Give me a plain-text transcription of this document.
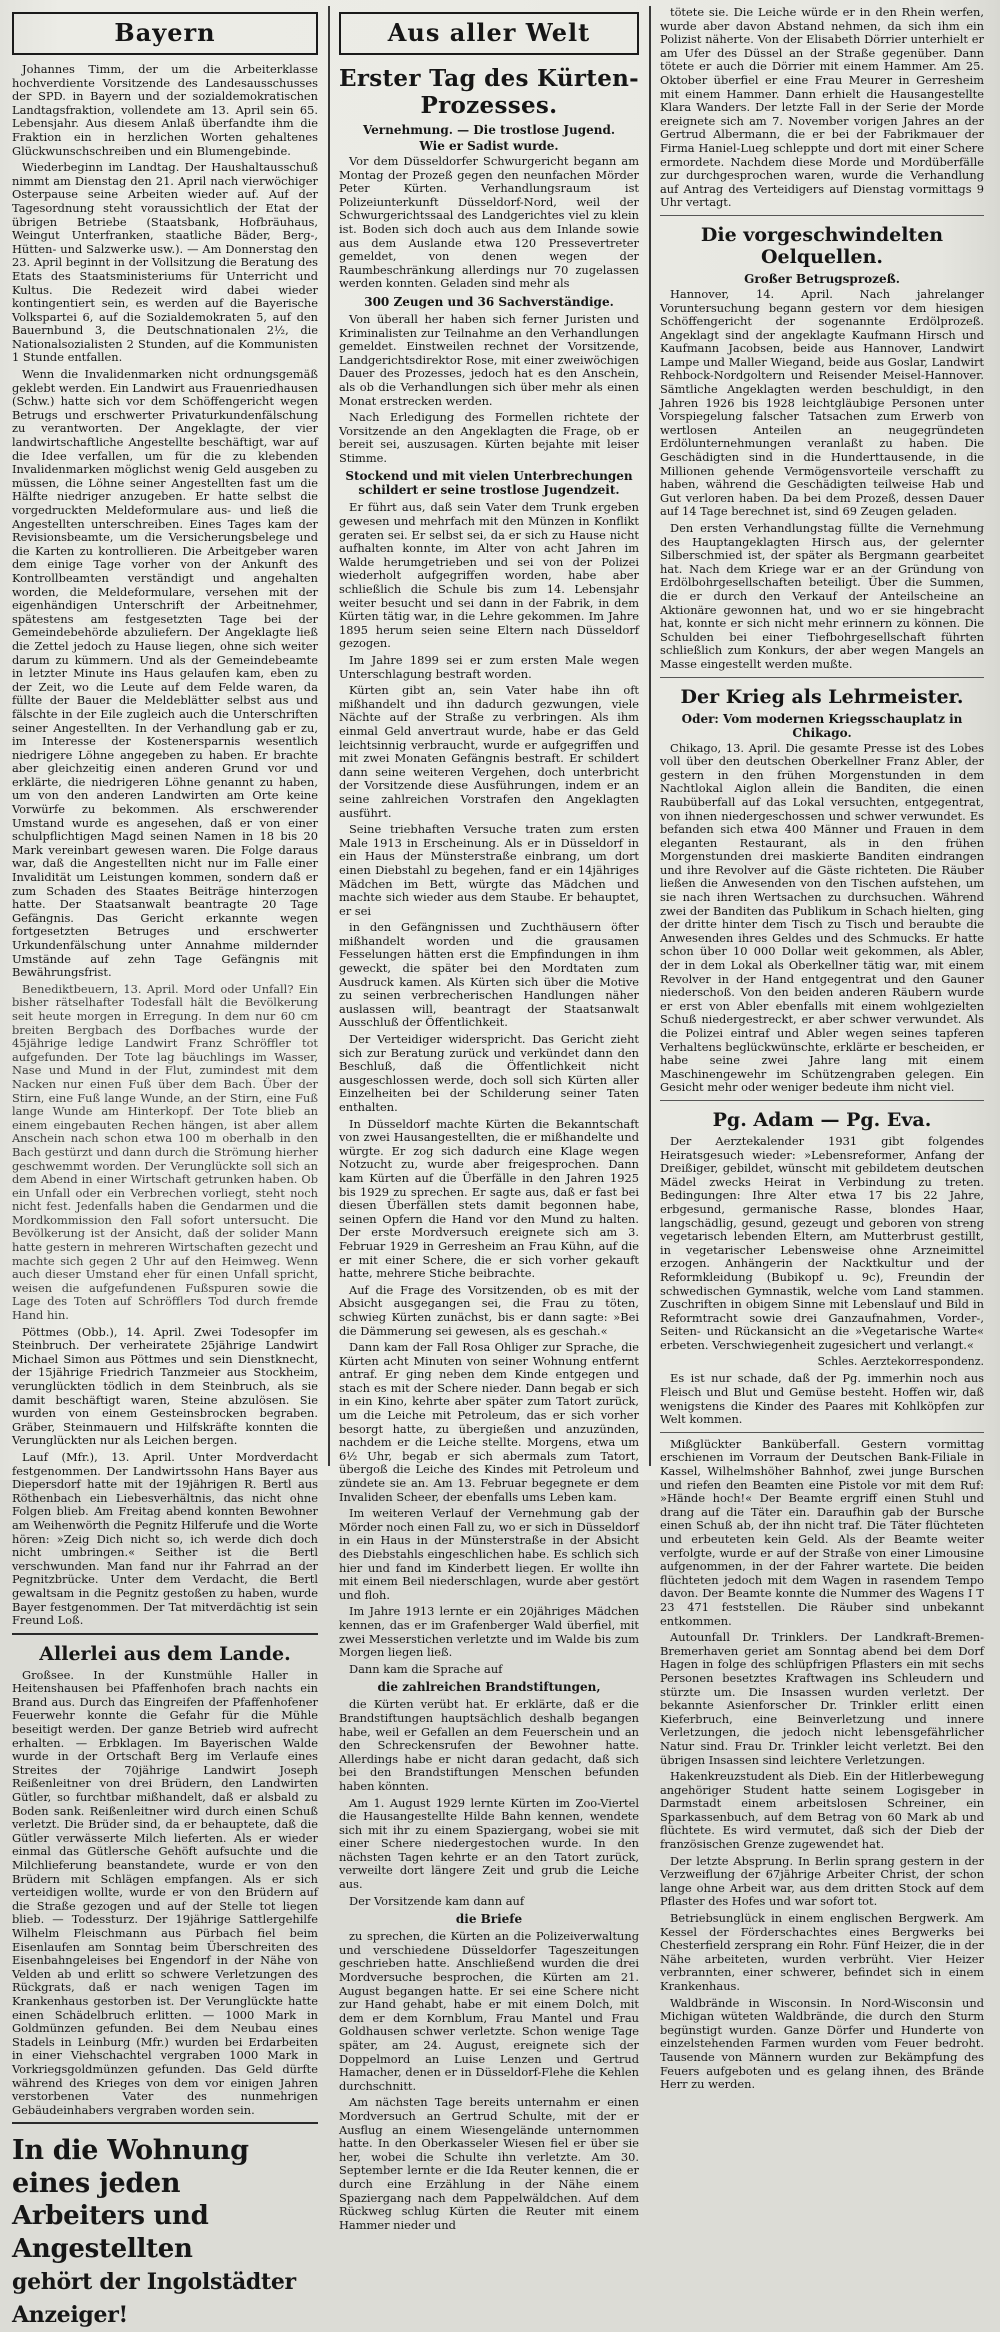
Bayern

Johannes Timm, der um die Arbeiterklasse hochverdiente Vorsitzende des Landesausschusses der SPD. in Bayern und der sozialdemokratischen Landtagsfraktion, vollendete am 13. April sein 65. Lebensjahr. Aus diesem Anlaß überfandte ihm die Fraktion ein in herzlichen Worten gehaltenes Glückwunschschreiben und ein Blumengebinde.

Wiederbeginn im Landtag. Der Haushaltausschuß nimmt am Dienstag den 21. April nach vierwöchiger Osterpause seine Arbeiten wieder auf. Auf der Tagesordnung steht voraussichtlich der Etat der übrigen Betriebe (Staatsbank, Hofbräuhaus, Weingut Unterfranken, staatliche Bäder, Berg-, Hütten- und Salzwerke usw.). — Am Donnerstag den 23. April beginnt in der Vollsitzung die Beratung des Etats des Staatsministeriums für Unterricht und Kultus. Die Redezeit wird dabei wieder kontingentiert sein, es werden auf die Bayerische Volkspartei 6, auf die Sozialdemokraten 5, auf den Bauernbund 3, die Deutschnationalen 2½, die Nationalsozialisten 2 Stunden, auf die Kommunisten 1 Stunde entfallen.

Wenn die Invalidenmarken nicht ordnungsgemäß geklebt werden. Ein Landwirt aus Frauenriedhausen (Schw.) hatte sich vor dem Schöffengericht wegen Betrugs und erschwerter Privaturkundenfälschung zu verantworten. Der Angeklagte, der vier landwirtschaftliche Angestellte beschäftigt, war auf die Idee verfallen, um für die zu klebenden Invalidenmarken möglichst wenig Geld ausgeben zu müssen, die Löhne seiner Angestellten fast um die Hälfte niedriger anzugeben. Er hatte selbst die vorgedruckten Meldeformulare aus- und ließ die Angestellten unterschreiben. Eines Tages kam der Revisionsbeamte, um die Versicherungsbelege und die Karten zu kontrollieren. Die Arbeitgeber waren dem einige Tage vorher von der Ankunft des Kontrollbeamten verständigt und angehalten worden, die Meldeformulare, versehen mit der eigenhändigen Unterschrift der Arbeitnehmer, spätestens am festgesetzten Tage bei der Gemeindebehörde abzuliefern. Der Angeklagte ließ die Zettel jedoch zu Hause liegen, ohne sich weiter darum zu kümmern. Und als der Gemeindebeamte in letzter Minute ins Haus gelaufen kam, eben zu der Zeit, wo die Leute auf dem Felde waren, da füllte der Bauer die Meldeblätter selbst aus und fälschte in der Eile zugleich auch die Unterschriften seiner Angestellten. In der Verhandlung gab er zu, im Interesse der Kostenersparnis wesentlich niedrigere Löhne angegeben zu haben. Er brachte aber gleichzeitig einen anderen Grund vor und erklärte, die niedrigeren Löhne genannt zu haben, um von den anderen Landwirten am Orte keine Vorwürfe zu bekommen. Als erschwerender Umstand wurde es angesehen, daß er von einer schulpflichtigen Magd seinen Namen in 18 bis 20 Mark vereinbart gewesen waren. Die Folge daraus war, daß die Angestellten nicht nur im Falle einer Invalidität um Leistungen kommen, sondern daß er zum Schaden des Staates Beiträge hinterzogen hatte. Der Staatsanwalt beantragte 20 Tage Gefängnis. Das Gericht erkannte wegen fortgesetzten Betruges und erschwerter Urkundenfälschung unter Annahme mildernder Umstände auf zehn Tage Gefängnis mit Bewährungsfrist.

Benediktbeuern, 13. April. Mord oder Unfall? Ein bisher rätselhafter Todesfall hält die Bevölkerung seit heute morgen in Erregung. In dem nur 60 cm breiten Bergbach des Dorfbaches wurde der 45jährige ledige Landwirt Franz Schröffler tot aufgefunden. Der Tote lag bäuchlings im Wasser, Nase und Mund in der Flut, zumindest mit dem Nacken nur einen Fuß über dem Bach. Über der Stirn, eine Fuß lange Wunde, an der Stirn, eine Fuß lange Wunde am Hinterkopf. Der Tote blieb an einem eingebauten Rechen hängen, ist aber allem Anschein nach schon etwa 100 m oberhalb in den Bach gestürzt und dann durch die Strömung hierher geschwemmt worden. Der Verunglückte soll sich an dem Abend in einer Wirtschaft getrunken haben. Ob ein Unfall oder ein Verbrechen vorliegt, steht noch nicht fest. Jedenfalls haben die Gendarmen und die Mordkommission den Fall sofort untersucht. Die Bevölkerung ist der Ansicht, daß der solider Mann hatte gestern in mehreren Wirtschaften gezecht und machte sich gegen 2 Uhr auf den Heimweg. Wenn auch dieser Umstand eher für einen Unfall spricht, weisen die aufgefundenen Fußspuren sowie die Lage des Toten auf Schröfflers Tod durch fremde Hand hin.

Pöttmes (Obb.), 14. April. Zwei Todesopfer im Steinbruch. Der verheiratete 25jährige Landwirt Michael Simon aus Pöttmes und sein Dienstknecht, der 15jährige Friedrich Tanzmeier aus Stockheim, verunglückten tödlich in dem Steinbruch, als sie damit beschäftigt waren, Steine abzulösen. Sie wurden von einem Gesteinsbrocken begraben. Gräber, Steinmauern und Hilfskräfte konnten die Verunglückten nur als Leichen bergen.

Lauf (Mfr.), 13. April. Unter Mordverdacht festgenommen. Der Landwirtssohn Hans Bayer aus Diepersdorf hatte mit der 19jährigen R. Bertl aus Röthenbach ein Liebesverhältnis, das nicht ohne Folgen blieb. Am Freitag abend konnten Bewohner am Weihenwörth die Pegnitz Hilferufe und die Worte hören: »Zeig Dich nicht so, ich werde dich doch nicht umbringen.« Seither ist die Bertl verschwunden. Man fand nur ihr Fahrrad an der Pegnitzbrücke. Unter dem Verdacht, die Bertl gewaltsam in die Pegnitz gestoßen zu haben, wurde Bayer festgenommen. Der Tat mitverdächtig ist sein Freund Loß.

Allerlei aus dem Lande.

Großsee. In der Kunstmühle Haller in Heitenshausen bei Pfaffenhofen brach nachts ein Brand aus. Durch das Eingreifen der Pfaffenhofener Feuerwehr konnte die Gefahr für die Mühle beseitigt werden. Der ganze Betrieb wird aufrecht erhalten. — Erbklagen. Im Bayerischen Walde wurde in der Ortschaft Berg im Verlaufe eines Streites der 70jährige Landwirt Joseph Reißenleitner von drei Brüdern, den Landwirten Gütler, so furchtbar mißhandelt, daß er alsbald zu Boden sank. Reißenleitner wird durch einen Schuß verletzt. Die Brüder sind, da er behauptete, daß die Gütler verwässerte Milch lieferten. Als er wieder einmal das Gütlersche Gehöft aufsuchte und die Milchlieferung beanstandete, wurde er von den Brüdern mit Schlägen empfangen. Als er sich verteidigen wollte, wurde er von den Brüdern auf die Straße gezogen und auf der Stelle tot liegen blieb. — Todessturz. Der 19jährige Sattlergehilfe Wilhelm Fleischmann aus Pürbach fiel beim Eisenlaufen am Sonntag beim Überschreiten des Eisenbahngeleises bei Engendorf in der Nähe von Velden ab und erlitt so schwere Verletzungen des Rückgrats, daß er nach wenigen Tagen im Krankenhaus gestorben ist. Der Verunglückte hatte einen Schädelbruch erlitten. — 1000 Mark in Goldmünzen gefunden. Bei dem Neubau eines Stadels in Leinburg (Mfr.) wurden bei Erdarbeiten in einer Viehschachtel vergraben 1000 Mark in Vorkriegsgoldmünzen gefunden. Das Geld dürfte während des Krieges von dem vor einigen Jahren verstorbenen Vater des nunmehrigen Gebäudeinhabers vergraben worden sein.

In die Wohnung eines jeden
Arbeiters und Angestellten
gehört der Ingolstädter Anzeiger!
Aus aller Welt
Erster Tag des Kürten-Prozesses.
Vernehmung. — Die trostlose Jugend.
Wie er Sadist wurde.

Vor dem Düsseldorfer Schwurgericht begann am Montag der Prozeß gegen den neunfachen Mörder Peter Kürten. Verhandlungsraum ist Polizeiunterkunft Düsseldorf-Nord, weil der Schwurgerichtssaal des Landgerichtes viel zu klein ist. Boden sich doch auch aus dem Inlande sowie aus dem Auslande etwa 120 Pressevertreter gemeldet, von denen wegen der Raumbeschränkung allerdings nur 70 zugelassen werden konnten. Geladen sind mehr als

300 Zeugen und 36 Sachverständige.

Von überall her haben sich ferner Juristen und Kriminalisten zur Teilnahme an den Verhandlungen gemeldet. Einstweilen rechnet der Vorsitzende, Landgerichtsdirektor Rose, mit einer zweiwöchigen Dauer des Prozesses, jedoch hat es den Anschein, als ob die Verhandlungen sich über mehr als einen Monat erstrecken werden.

Nach Erledigung des Formellen richtete der Vorsitzende an den Angeklagten die Frage, ob er bereit sei, auszusagen. Kürten bejahte mit leiser Stimme.

Stockend und mit vielen Unterbrechungen schildert er seine trostlose Jugendzeit.

Er führt aus, daß sein Vater dem Trunk ergeben gewesen und mehrfach mit den Münzen in Konflikt geraten sei. Er selbst sei, da er sich zu Hause nicht aufhalten konnte, im Alter von acht Jahren im Walde herumgetrieben und sei von der Polizei wiederholt aufgegriffen worden, habe aber schließlich die Schule bis zum 14. Lebensjahr weiter besucht und sei dann in der Fabrik, in dem Kürten tätig war, in die Lehre gekommen. Im Jahre 1895 herum seien seine Eltern nach Düsseldorf gezogen.

Im Jahre 1899 sei er zum ersten Male wegen Unterschlagung bestraft worden.

Kürten gibt an, sein Vater habe ihn oft mißhandelt und ihn dadurch gezwungen, viele Nächte auf der Straße zu verbringen. Als ihm einmal Geld anvertraut wurde, habe er das Geld leichtsinnig verbraucht, wurde er aufgegriffen und mit zwei Monaten Gefängnis bestraft. Er schildert dann seine weiteren Vergehen, doch unterbricht der Vorsitzende diese Ausführungen, indem er an seine zahlreichen Vorstrafen den Angeklagten ausführt.

Seine triebhaften Versuche traten zum ersten Male 1913 in Erscheinung. Als er in Düsseldorf in ein Haus der Münsterstraße einbrang, um dort einen Diebstahl zu begehen, fand er ein 14jähriges Mädchen im Bett, würgte das Mädchen und machte sich wieder aus dem Staube. Er behauptet, er sei

in den Gefängnissen und Zuchthäusern öfter mißhandelt worden und die grausamen Fesselungen hätten erst die Empfindungen in ihm geweckt, die später bei den Mordtaten zum Ausdruck kamen. Als Kürten sich über die Motive zu seinen verbrecherischen Handlungen näher auslassen will, beantragt der Staatsanwalt Ausschluß der Öffentlichkeit.

Der Verteidiger widerspricht. Das Gericht zieht sich zur Beratung zurück und verkündet dann den Beschluß, daß die Öffentlichkeit nicht ausgeschlossen werde, doch soll sich Kürten aller Einzelheiten bei der Schilderung seiner Taten enthalten.

In Düsseldorf machte Kürten die Bekanntschaft von zwei Hausangestellten, die er mißhandelte und würgte. Er zog sich dadurch eine Klage wegen Notzucht zu, wurde aber freigesprochen. Dann kam Kürten auf die Überfälle in den Jahren 1925 bis 1929 zu sprechen. Er sagte aus, daß er fast bei diesen Überfällen stets damit begonnen habe, seinen Opfern die Hand vor den Mund zu halten. Der erste Mordversuch ereignete sich am 3. Februar 1929 in Gerresheim an Frau Kühn, auf die er mit einer Schere, die er sich vorher gekauft hatte, mehrere Stiche beibrachte.

Auf die Frage des Vorsitzenden, ob es mit der Absicht ausgegangen sei, die Frau zu töten, schwieg Kürten zunächst, bis er dann sagte: »Bei die Dämmerung sei gewesen, als es geschah.«

Dann kam der Fall Rosa Ohliger zur Sprache, die Kürten acht Minuten von seiner Wohnung entfernt antraf. Er ging neben dem Kinde entgegen und stach es mit der Schere nieder. Dann begab er sich in ein Kino, kehrte aber später zum Tatort zurück, um die Leiche mit Petroleum, das er sich vorher besorgt hatte, zu übergießen und anzuzünden, nachdem er die Leiche stellte. Morgens, etwa um 6½ Uhr, begab er sich abermals zum Tatort, übergoß die Leiche des Kindes mit Petroleum und zündete sie an. Am 13. Februar begegnete er dem Invaliden Scheer, der ebenfalls ums Leben kam.

Im weiteren Verlauf der Vernehmung gab der Mörder noch einen Fall zu, wo er sich in Düsseldorf in ein Haus in der Münsterstraße in der Absicht des Diebstahls eingeschlichen habe. Es schlich sich hier und fand im Kinderbett liegen. Er wollte ihn mit einem Beil niederschlagen, wurde aber gestört und floh.

Im Jahre 1913 lernte er ein 20jähriges Mädchen kennen, das er im Grafenberger Wald überfiel, mit zwei Messerstichen verletzte und im Walde bis zum Morgen liegen ließ.

Dann kam die Sprache auf

die zahlreichen Brandstiftungen,

die Kürten verübt hat. Er erklärte, daß er die Brandstiftungen hauptsächlich deshalb begangen habe, weil er Gefallen an dem Feuerschein und an den Schreckensrufen der Bewohner hatte. Allerdings habe er nicht daran gedacht, daß sich bei den Brandstiftungen Menschen befunden haben könnten.

Am 1. August 1929 lernte Kürten im Zoo-Viertel die Hausangestellte Hilde Bahn kennen, wendete sich mit ihr zu einem Spaziergang, wobei sie mit einer Schere niedergestochen wurde. In den nächsten Tagen kehrte er an den Tatort zurück, verweilte dort längere Zeit und grub die Leiche aus.

Der Vorsitzende kam dann auf

die Briefe

zu sprechen, die Kürten an die Polizeiverwaltung und verschiedene Düsseldorfer Tageszeitungen geschrieben hatte. Anschließend wurden die drei Mordversuche besprochen, die Kürten am 21. August begangen hatte. Er sei eine Schere nicht zur Hand gehabt, habe er mit einem Dolch, mit dem er dem Kornblum, Frau Mantel und Frau Goldhausen schwer verletzte. Schon wenige Tage später, am 24. August, ereignete sich der Doppelmord an Luise Lenzen und Gertrud Hamacher, denen er in Düsseldorf-Flehe die Kehlen durchschnitt.

Am nächsten Tage bereits unternahm er einen Mordversuch an Gertrud Schulte, mit der er Ausflug an einem Wiesengelände unternommen hatte. In den Oberkasseler Wiesen fiel er über sie her, wobei die Schulte ihn verletzte. Am 30. September lernte er die Ida Reuter kennen, die er durch eine Erzählung in der Nähe einem Spaziergang nach dem Pappelwäldchen. Auf dem Rückweg schlug Kürten die Reuter mit einem Hammer nieder und

tötete sie. Die Leiche würde er in den Rhein werfen, wurde aber davon Abstand nehmen, da sich ihm ein Polizist näherte. Von der Elisabeth Dörrier unterhielt er am Ufer des Düssel an der Straße gegenüber. Dann tötete er auch die Dörrier mit einem Hammer. Am 25. Oktober überfiel er eine Frau Meurer in Gerresheim mit einem Hammer. Dann erhielt die Hausangestellte Klara Wanders. Der letzte Fall in der Serie der Morde ereignete sich am 7. November vorigen Jahres an der Gertrud Albermann, die er bei der Fabrikmauer der Firma Haniel-Lueg schleppte und dort mit einer Schere ermordete. Nachdem diese Morde und Mordüberfälle zur durchgesprochen waren, wurde die Verhandlung auf Antrag des Verteidigers auf Dienstag vormittags 9 Uhr vertagt.

Die vorgeschwindelten Oelquellen.
Großer Betrugsprozeß.

Hannover, 14. April. Nach jahrelanger Voruntersuchung begann gestern vor dem hiesigen Schöffengericht der sogenannte Erdölprozeß. Angeklagt sind der angeklagte Kaufmann Hirsch und Kaufmann Jacobsen, beide aus Hannover, Landwirt Lampe und Maller Wiegand, beide aus Goslar, Landwirt Rehbock-Nordgoltern und Reisender Meisel-Hannover. Sämtliche Angeklagten werden beschuldigt, in den Jahren 1926 bis 1928 leichtgläubige Personen unter Vorspiegelung falscher Tatsachen zum Erwerb von wertlosen Anteilen an neugegründeten Erdölunternehmungen veranlaßt zu haben. Die Geschädigten sind in die Hunderttausende, in die Millionen gehende Vermögensvorteile verschafft zu haben, während die Geschädigten teilweise Hab und Gut verloren haben. Da bei dem Prozeß, dessen Dauer auf 14 Tage berechnet ist, sind 69 Zeugen geladen.

Den ersten Verhandlungstag füllte die Vernehmung des Hauptangeklagten Hirsch aus, der gelernter Silberschmied ist, der später als Bergmann gearbeitet hat. Nach dem Kriege war er an der Gründung von Erdölbohrgesellschaften beteiligt. Über die Summen, die er durch den Verkauf der Anteilscheine an Aktionäre gewonnen hat, und wo er sie hingebracht hat, konnte er sich nicht mehr erinnern zu können. Die Schulden bei einer Tiefbohrgesellschaft führten schließlich zum Konkurs, der aber wegen Mangels an Masse eingestellt werden mußte.

Der Krieg als Lehrmeister.
Oder: Vom modernen Kriegsschauplatz in Chikago.

Chikago, 13. April. Die gesamte Presse ist des Lobes voll über den deutschen Oberkellner Franz Abler, der gestern in den frühen Morgenstunden in dem Nachtlokal Aiglon allein die Banditen, die einen Raubüberfall auf das Lokal versuchten, entgegentrat, von ihnen niedergeschossen und schwer verwundet. Es befanden sich etwa 400 Männer und Frauen in dem eleganten Restaurant, als in den frühen Morgenstunden drei maskierte Banditen eindrangen und ihre Revolver auf die Gäste richteten. Die Räuber ließen die Anwesenden von den Tischen aufstehen, um sie nach ihren Wertsachen zu durchsuchen. Während zwei der Banditen das Publikum in Schach hielten, ging der dritte hinter dem Tisch zu Tisch und beraubte die Anwesenden ihres Geldes und des Schmucks. Er hatte schon über 10 000 Dollar weit gekommen, als Abler, der in dem Lokal als Oberkellner tätig war, mit einem Revolver in der Hand entgegentrat und den Gauner niederschoß. Von den beiden anderen Räubern wurde er erst von Abler ebenfalls mit einem wohlgezielten Schuß niedergestreckt, er aber schwer verwundet. Als die Polizei eintraf und Abler wegen seines tapferen Verhaltens beglückwünschte, erklärte er bescheiden, er habe seine zwei Jahre lang mit einem Maschinengewehr im Schützengraben gelegen. Ein Gesicht mehr oder weniger bedeute ihm nicht viel.

Pg. Adam — Pg. Eva.

Der Aerztekalender 1931 gibt folgendes Heiratsgesuch wieder: »Lebensreformer, Anfang der Dreißiger, gebildet, wünscht mit gebildetem deutschen Mädel zwecks Heirat in Verbindung zu treten. Bedingungen: Ihre Alter etwa 17 bis 22 Jahre, erbgesund, germanische Rasse, blondes Haar, langschädlig, gesund, gezeugt und geboren von streng vegetarisch lebenden Eltern, am Mutterbrust gestillt, in vegetarischer Lebensweise ohne Arzneimittel erzogen. Anhängerin der Nacktkultur und der Reformkleidung (Bubikopf u. 9c), Freundin der schwedischen Gymnastik, welche vom Land stammen. Zuschriften in obigem Sinne mit Lebenslauf und Bild in Reformtracht sowie drei Ganzaufnahmen, Vorder-, Seiten- und Rückansicht an die »Vegetarische Warte« erbeten. Verschwiegenheit zugesichert und verlangt.«

Schles. Aerztekorrespondenz.

Es ist nur schade, daß der Pg. immerhin noch aus Fleisch und Blut und Gemüse besteht. Hoffen wir, daß wenigstens die Kinder des Paares mit Kohlköpfen zur Welt kommen.

Mißglückter Banküberfall. Gestern vormittag erschienen im Vorraum der Deutschen Bank-Filiale in Kassel, Wilhelmshöher Bahnhof, zwei junge Burschen und riefen den Beamten eine Pistole vor mit dem Ruf: »Hände hoch!« Der Beamte ergriff einen Stuhl und drang auf die Täter ein. Daraufhin gab der Bursche einen Schuß ab, der ihn nicht traf. Die Täter flüchteten und erbeuteten kein Geld. Als der Beamte weiter verfolgte, wurde er auf der Straße von einer Limousine aufgenommen, in der der Fahrer wartete. Die beiden flüchteten jedoch mit dem Wagen in rasendem Tempo davon. Der Beamte konnte die Nummer des Wagens I T 23 471 feststellen. Die Räuber sind unbekannt entkommen.

Autounfall Dr. Trinklers. Der Landkraft-Bremen-Bremerhaven geriet am Sonntag abend bei dem Dorf Hagen in folge des schlüpfrigen Pflasters ein mit sechs Personen besetztes Kraftwagen ins Schleudern und stürzte um. Die Insassen wurden verletzt. Der bekannte Asienforscher Dr. Trinkler erlitt einen Kieferbruch, eine Beinverletzung und innere Verletzungen, die jedoch nicht lebensgefährlicher Natur sind. Frau Dr. Trinkler leicht verletzt. Bei den übrigen Insassen sind leichtere Verletzungen.

Hakenkreuzstudent als Dieb. Ein der Hitlerbewegung angehöriger Student hatte seinem Logisgeber in Darmstadt einem arbeitslosen Schreiner, ein Sparkassenbuch, auf dem Betrag von 60 Mark ab und flüchtete. Es wird vermutet, daß sich der Dieb der französischen Grenze zugewendet hat.

Der letzte Absprung. In Berlin sprang gestern in der Verzweiflung der 67jährige Arbeiter Christ, der schon lange ohne Arbeit war, aus dem dritten Stock auf dem Pflaster des Hofes und war sofort tot.

Betriebsunglück in einem englischen Bergwerk. Am Kessel der Förderschachtes eines Bergwerks bei Chesterfield zersprang ein Rohr. Fünf Heizer, die in der Nähe arbeiteten, wurden verbrüht. Vier Heizer verbrannten, einer schwerer, befindet sich in einem Krankenhaus.

Waldbrände in Wisconsin. In Nord-Wisconsin und Michigan wüteten Waldbrände, die durch den Sturm begünstigt wurden. Ganze Dörfer und Hunderte von einzelstehenden Farmen wurden vom Feuer bedroht. Tausende von Männern wurden zur Bekämpfung des Feuers aufgeboten und es gelang ihnen, des Brände Herr zu werden.
